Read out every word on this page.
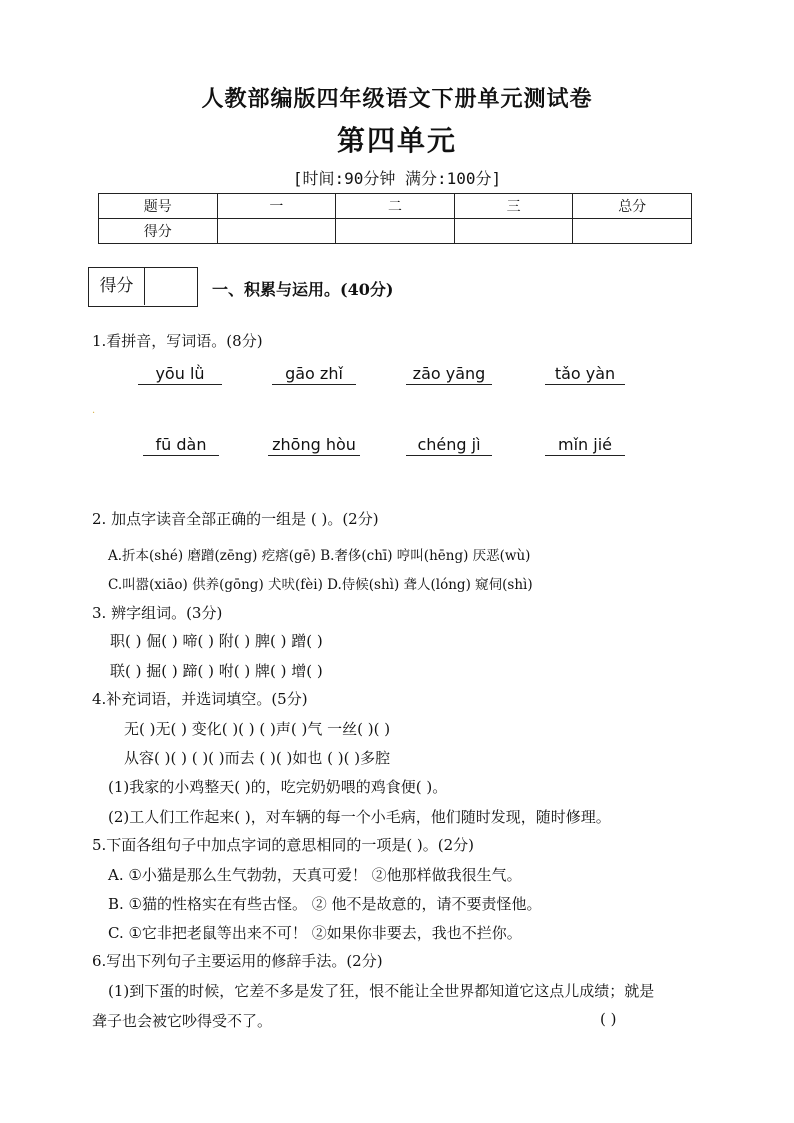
人教部编版四年级语文下册单元测试卷
第四单元
[时间:90分钟 满分:100分]
题号	一	二	三	总分
得分				
得分	一、积累与运用。(40分)
1.看拼音，写词语。(8分)
yōu lǜ	gāo zhǐ	zāo yāng	tǎo yàn
fū dàn	zhōng hòu	chéng jì	mǐn jié
·
2. 加点字读音全部正确的一组是 ( )。(2分)
A.折本(shé) 磨蹭(zēng) 疙瘩(gē) B.奢侈(chī) 哼叫(hēng) 厌恶(wù)
C.叫嚣(xiāo) 供养(gōng) 犬吠(fèi) D.侍候(shì) 聋人(lóng) 窥伺(shì)
3. 辨字组词。(3分)
职( ) 倔( ) 啼( ) 附( ) 脾( ) 蹭( )
联( ) 掘( ) 蹄( ) 咐( ) 牌( ) 增( )
4.补充词语，并选词填空。(5分)
无( )无( ) 变化( )( ) ( )声( )气 一丝( )( )
从容( )( ) ( )( )而去 ( )( )如也 ( )( )多腔
(1)我家的小鸡整天( )的，吃完奶奶喂的鸡食便( )。
(2)工人们工作起来( )，对车辆的每一个小毛病，他们随时发现，随时修理。
5.下面各组句子中加点字词的意思相同的一项是( )。(2分)
A. ①小猫是那么生气勃勃，天真可爱！ ②他那样做我很生气。
B. ①猫的性格实在有些古怪。 ② 他不是故意的，请不要责怪他。
C. ①它非把老鼠等出来不可！ ②如果你非要去，我也不拦你。
6.写出下列句子主要运用的修辞手法。(2分)
(1)到下蛋的时候，它差不多是发了狂，恨不能让全世界都知道它这点儿成绩；就是
聋子也会被它吵得受不了。	( )
